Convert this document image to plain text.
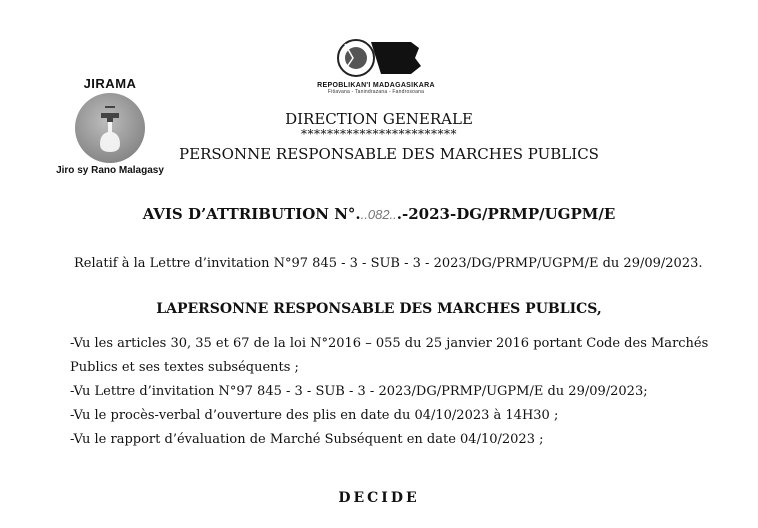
JIRAMA
Jiro sy Rano Malagasy
REPOBLIKAN'I MADAGASIKARA
Fitiavana - Tanindrazana - Fandrosoana
DIRECTION GENERALE
************************
PERSONNE RESPONSABLE DES MARCHES PUBLICS
AVIS D’ATTRIBUTION N°...082...-2023-DG/PRMP/UGPM/E
Relatif à la Lettre d’invitation N°97 845 - 3 - SUB - 3 - 2023/DG/PRMP/UGPM/E du 29/09/2023.
LAPERSONNE RESPONSABLE DES MARCHES PUBLICS,
-Vu les articles 30, 35 et 67 de la loi N°2016 – 055 du 25 janvier 2016 portant Code des Marchés
Publics et ses textes subséquents ;
-Vu Lettre d’invitation N°97 845 - 3 - SUB - 3 - 2023/DG/PRMP/UGPM/E du 29/09/2023;
-Vu le procès-verbal d’ouverture des plis en date du 04/10/2023 à 14H30 ;
-Vu le rapport d’évaluation de Marché Subséquent en date 04/10/2023 ;
DECIDE
